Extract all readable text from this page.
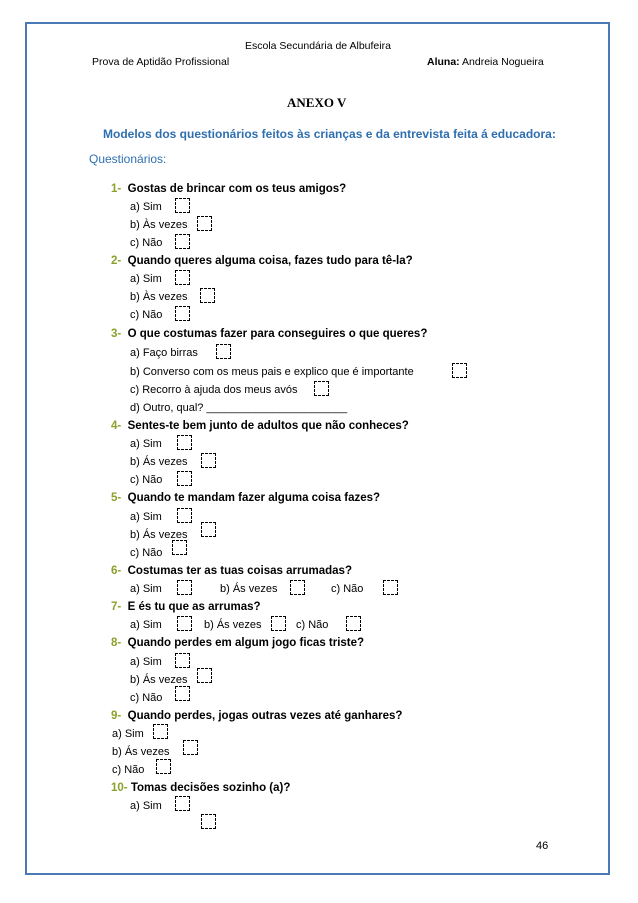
Escola Secundária de Albufeira
Prova de Aptidão Profissional	Aluna: Andreia Nogueira
ANEXO V
Modelos dos questionários feitos às crianças e da entrevista feita á educadora:
Questionários:
1- Gostas de brincar com os teus amigos?
a) Sim
b) Às vezes
c) Não
2- Quando queres alguma coisa, fazes tudo para tê-la?
a) Sim
b) Às vezes
c) Não
3- O que costumas fazer para conseguires o que queres?
a) Faço birras
b) Converso com os meus pais e explico que é importante
c) Recorro à ajuda dos meus avós
d) Outro, qual? _______________________
4- Sentes-te bem junto de adultos que não conheces?
a) Sim
b) Ás vezes
c) Não
5- Quando te mandam fazer alguma coisa fazes?
a) Sim
b) Ás vezes
c) Não
6- Costumas ter as tuas coisas arrumadas?
a) Sim	b) Ás vezes	c) Não
7- E és tu que as arrumas?
a) Sim	b) Ás vezes	c) Não
8- Quando perdes em algum jogo ficas triste?
a) Sim
b) Ás vezes
c) Não
9- Quando perdes, jogas outras vezes até ganhares?
a) Sim
b) Ás vezes
c) Não
10- Tomas decisões sozinho (a)?
a) Sim
46
